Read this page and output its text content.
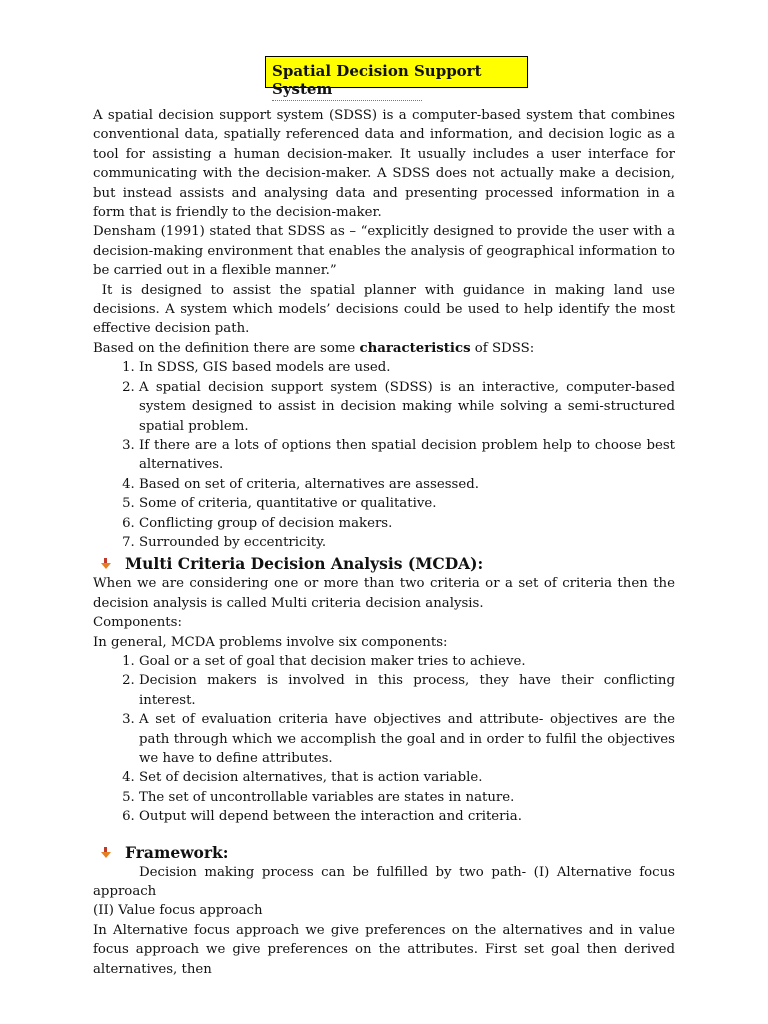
Spatial Decision Support System

A spatial decision support system (SDSS) is a computer-based system that combines conventional data, spatially referenced data and information, and decision logic as a tool for assisting a human decision-maker. It usually includes a user interface for communicating with the decision-maker. A SDSS does not actually make a decision, but instead assists and analysing data and presenting processed information in a form that is friendly to the decision-maker.

Densham (1991) stated that SDSS as – “explicitly designed to provide the user with a decision-making environment that enables the analysis of geographical information to be carried out in a flexible manner.”

It is designed to assist the spatial planner with guidance in making land use decisions. A system which models’ decisions could be used to help identify the most effective decision path.

Based on the definition there are some characteristics of SDSS:

1. In SDSS, GIS based models are used.
2. A spatial decision support system (SDSS) is an interactive, computer-based system designed to assist in decision making while solving a semi-structured spatial problem.
3. If there are a lots of options then spatial decision problem help to choose best alternatives.
4. Based on set of criteria, alternatives are assessed.
5. Some of criteria, quantitative or qualitative.
6. Conflicting group of decision makers.
7. Surrounded by eccentricity.
Multi Criteria Decision Analysis (MCDA):

When we are considering one or more than two criteria or a set of criteria then the decision analysis is called Multi criteria decision analysis.

Components:

In general, MCDA problems involve six components:

1. Goal or a set of goal that decision maker tries to achieve.
2. Decision makers is involved in this process, they have their conflicting interest.
3. A set of evaluation criteria have objectives and attribute- objectives are the path through which we accomplish the goal and in order to fulfil the objectives we have to define attributes.
4. Set of decision alternatives, that is action variable.
5. The set of uncontrollable variables are states in nature.
6. Output will depend between the interaction and criteria.
Framework:

Decision making process can be fulfilled by two path- (I) Alternative focus approach

(II) Value focus approach

In Alternative focus approach we give preferences on the alternatives and in value focus approach we give preferences on the attributes. First set goal then derived alternatives, then
